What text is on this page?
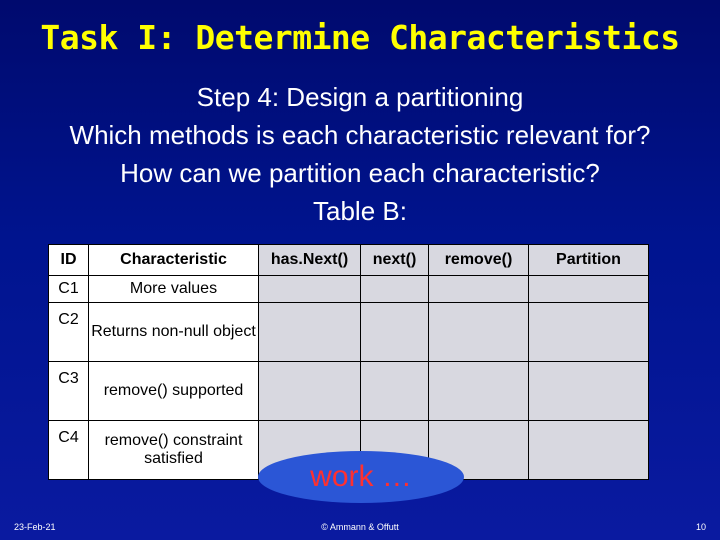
Task I: Determine Characteristics
Step 4: Design a partitioning
Which methods is each characteristic relevant for?
How can we partition each characteristic?
Table B:
ID	Characteristic	has.Next()	next()	remove()	Partition
C1	More values				
C2	Returns non-null object				
C3	remove() supported				
C4	remove() constraint satisfied				
work …
23-Feb-21	© Ammann & Offutt	10
